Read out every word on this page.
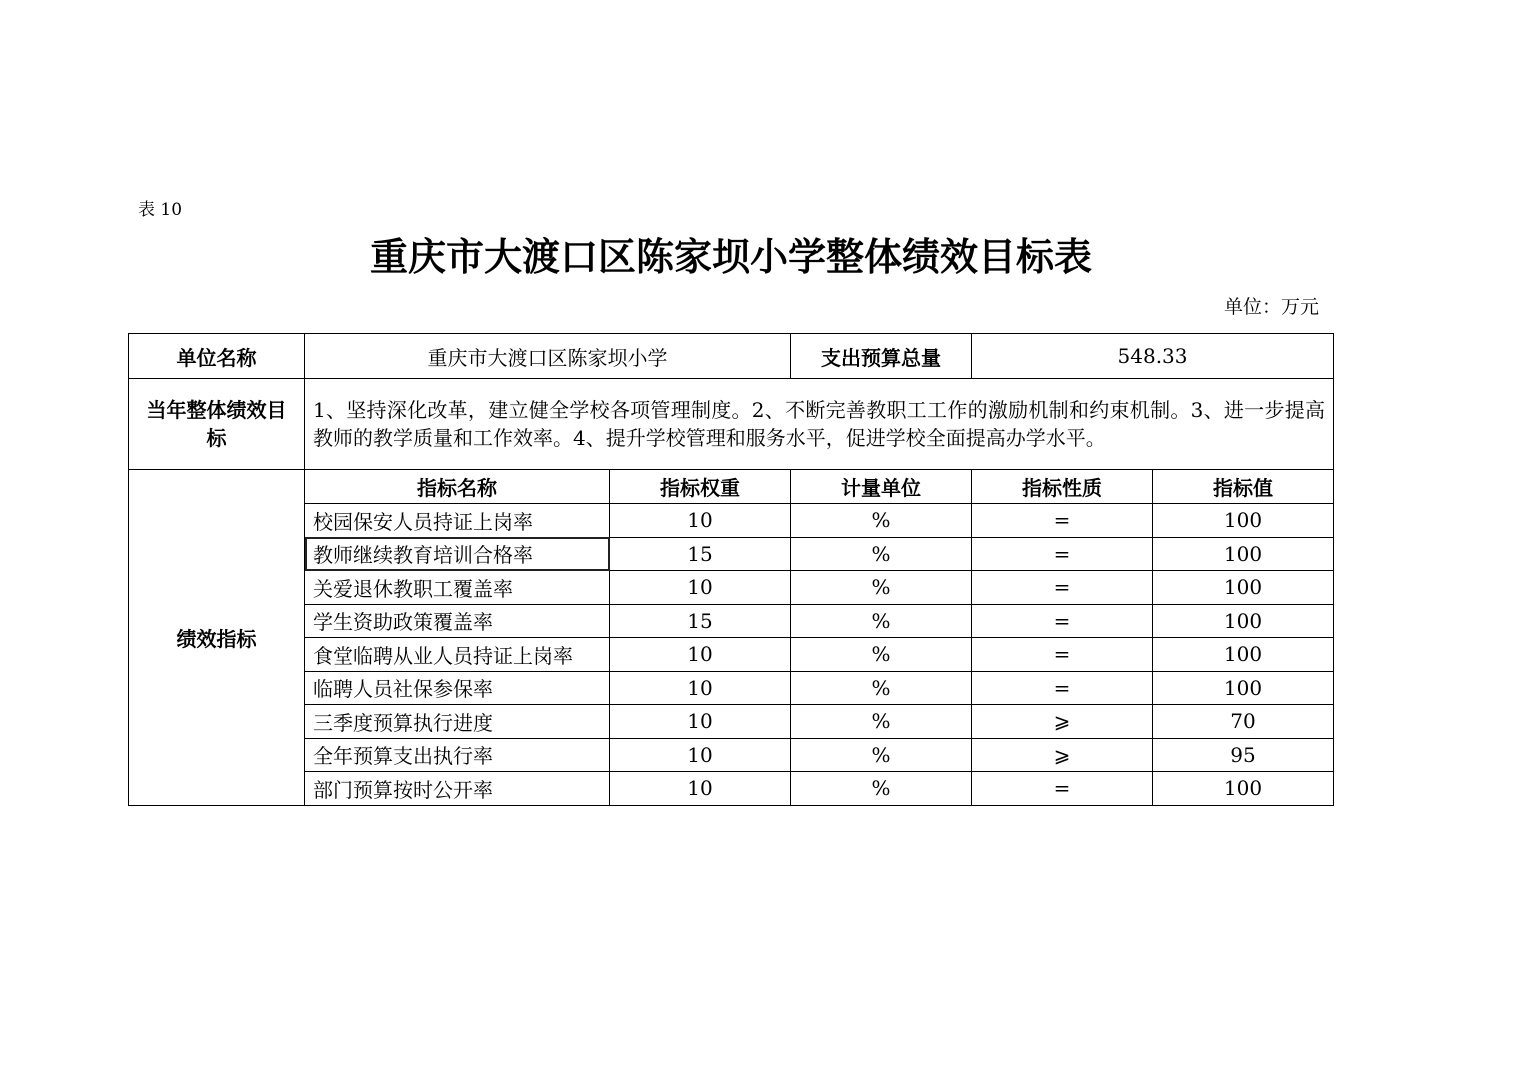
表 10
重庆市大渡口区陈家坝小学整体绩效目标表
单位：万元
单位名称	重庆市大渡口区陈家坝小学		支出预算总量	548.33	
当年整体绩效目标	1、坚持深化改革，建立健全学校各项管理制度。2、不断完善教职工工作的激励机制和约束机制。3、进一步提高教师的教学质量和工作效率。4、提升学校管理和服务水平，促进学校全面提高办学水平。				
绩效指标	指标名称	指标权重	计量单位	指标性质	指标值
	校园保安人员持证上岗率	10	%	=	100
	教师继续教育培训合格率	15	%	=	100
	关爱退休教职工覆盖率	10	%	=	100
	学生资助政策覆盖率	15	%	=	100
	食堂临聘从业人员持证上岗率	10	%	=	100
	临聘人员社保参保率	10	%	=	100
	三季度预算执行进度	10	%	⩾	70
	全年预算支出执行率	10	%	⩾	95
	部门预算按时公开率	10	%	=	100
